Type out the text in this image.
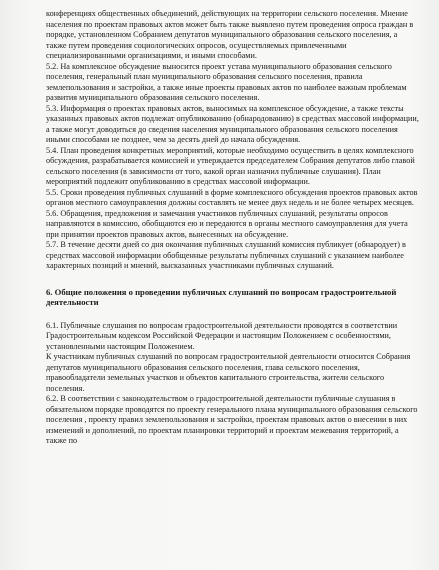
конференциях общественных объединений, действующих на территории сельского поселения. Мнение населения по проектам правовых актов может быть также выявлено путем проведения опроса граждан в порядке, установленном Собранием депутатов муниципального образования сельского поселения, а также путем проведения социологических опросов, осуществляемых привлеченными специализированными организациями, и иными способами.

5.2. На комплексное обсуждение выносится проект устава муниципального образования сельского поселения, генеральный план муниципального образования сельского поселения, правила землепользования и застройки, а также иные проекты правовых актов по наиболее важным проблемам развития муниципального образования сельского поселения.

5.3. Информация о проектах правовых актов, выносимых на комплексное обсуждение, а также тексты указанных правовых актов подлежат опубликованию (обнародованию) в средствах массовой информации, а также могут доводиться до сведения населения муниципального образования сельского поселения иными способами не позднее, чем за десять дней до начала обсуждения.

5.4. План проведения конкретных мероприятий, которые необходимо осуществить в целях комплексного обсуждения, разрабатывается комиссией и утверждается председателем Собрания депутатов либо главой сельского поселения (в зависимости от того, какой орган назначил публичные слушания). План мероприятий подлежит опубликованию в средствах массовой информации.

5.5. Сроки проведения публичных слушаний в форме комплексного обсуждения проектов правовых актов органов местного самоуправления должны составлять не менее двух недель и не более четырех месяцев.

5.6. Обращения, предложения и замечания участников публичных слушаний, результаты опросов направляются в комиссию, обобщаются ею и передаются в органы местного самоуправления для учета при принятии проектов правовых актов, вынесенных на обсуждение.

5.7. В течение десяти дней со дня окончания публичных слушаний комиссия публикует (обнародует) в средствах массовой информации обобщенные результаты публичных слушаний с указанием наиболее характерных позиций и мнений, высказанных участниками публичных слушаний.

6. Общие положения о проведении публичных слушаний по вопросам градостроительной деятельности

6.1. Публичные слушания по вопросам градостроительной деятельности проводятся в соответствии Градостроительным кодексом Российской Федерации и настоящим Положением с особенностями, установленными настоящим Положением.

К участникам публичных слушаний по вопросам градостроительной деятельности относится Собрания депутатов муниципального образования сельского поселения, глава сельского поселения, правообладатели земельных участков и объектов капитального строительства, жители сельского поселения.

6.2. В соответствии с законодательством о градостроительной деятельности публичные слушания в обязательном порядке проводятся по проекту генерального плана муниципального образования сельского поселения , проекту правил землепользования и застройки, проектам правовых актов о внесении в них изменений и дополнений, по проектам планировки территорий и проектам межевания территорий, а также по
